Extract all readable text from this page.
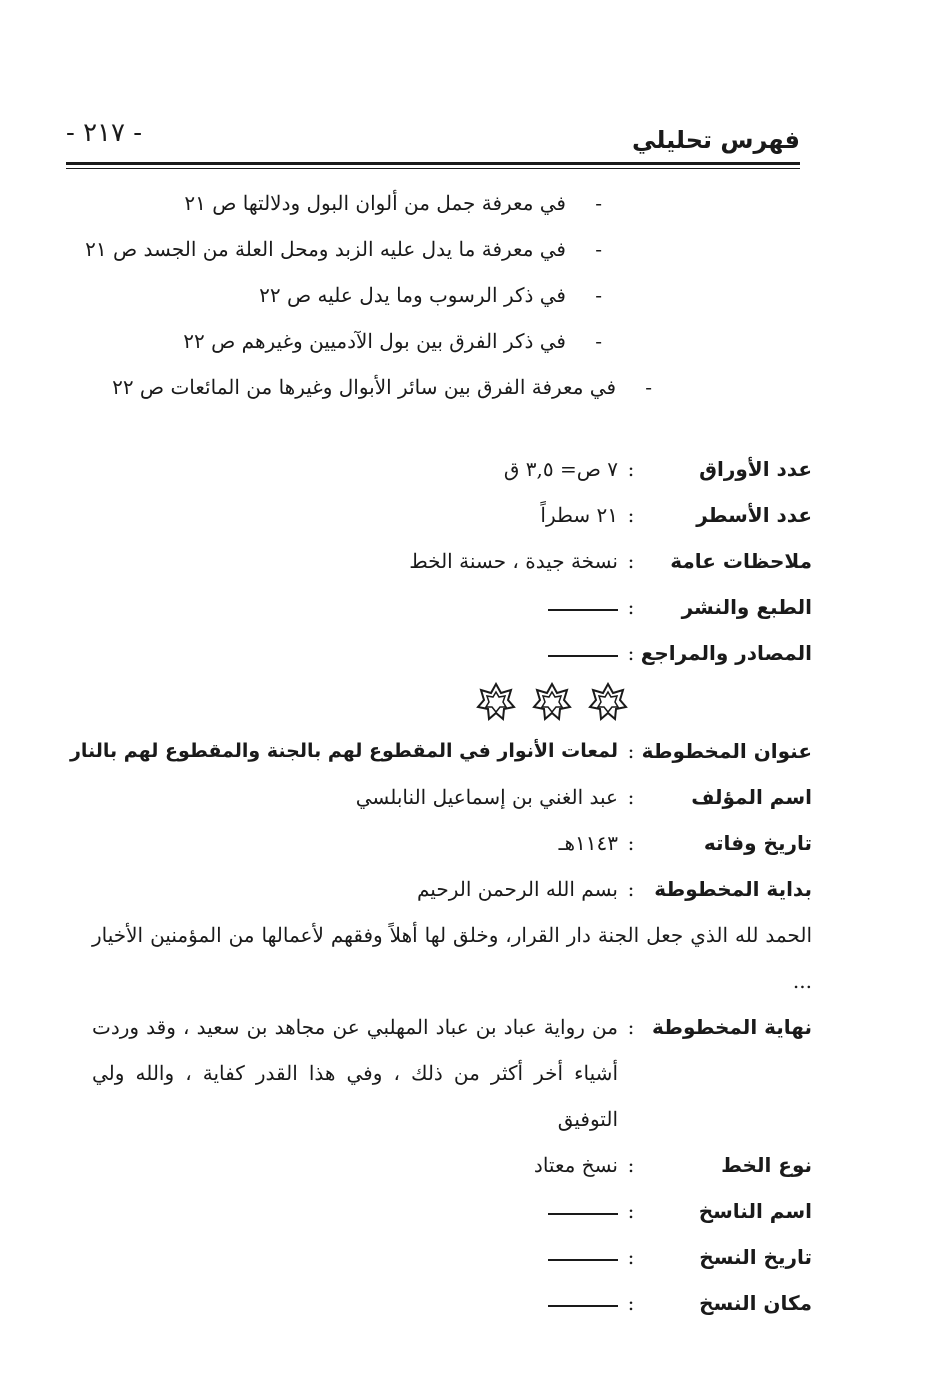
فهرس تحليلي
- ٢١٧ -
-
في معرفة جمل من ألوان البول ودلالتها ص ٢١
-
في معرفة ما يدل عليه الزبد ومحل العلة من الجسد ص ٢١
-
في ذكر الرسوب وما يدل عليه ص ٢٢
-
في ذكر الفرق بين بول الآدميين وغيرهم ص ٢٢
-
في معرفة الفرق بين سائر الأبوال وغيرها من المائعات ص ٢٢
عدد الأوراق
:
٧ ص= ٣,٥ ق
عدد الأسطر
:
٢١ سطراً
ملاحظات عامة
:
نسخة جيدة ، حسنة الخط
الطبع والنشر
:
المصادر والمراجع
:
عنوان المخطوطة
:
لمعات الأنوار في المقطوع لهم بالجنة والمقطوع لهم بالنار
اسم المؤلف
:
عبد الغني بن إسماعيل النابلسي
تاريخ وفاته
:
١١٤٣هـ
بداية المخطوطة
:
بسم الله الرحمن الرحيم
الحمد لله الذي جعل الجنة دار القرار، وخلق لها أهلاً وفقهم لأعمالها من المؤمنين الأخيار ...
نهاية المخطوطة
:
من رواية عباد بن عباد المهلبي عن مجاهد بن سعيد ، وقد وردت أشياء أخر أكثر من ذلك ، وفي هذا القدر كفاية ، والله ولي التوفيق
نوع الخط
:
نسخ معتاد
اسم الناسخ
:
تاريخ النسخ
:
مكان النسخ
:
